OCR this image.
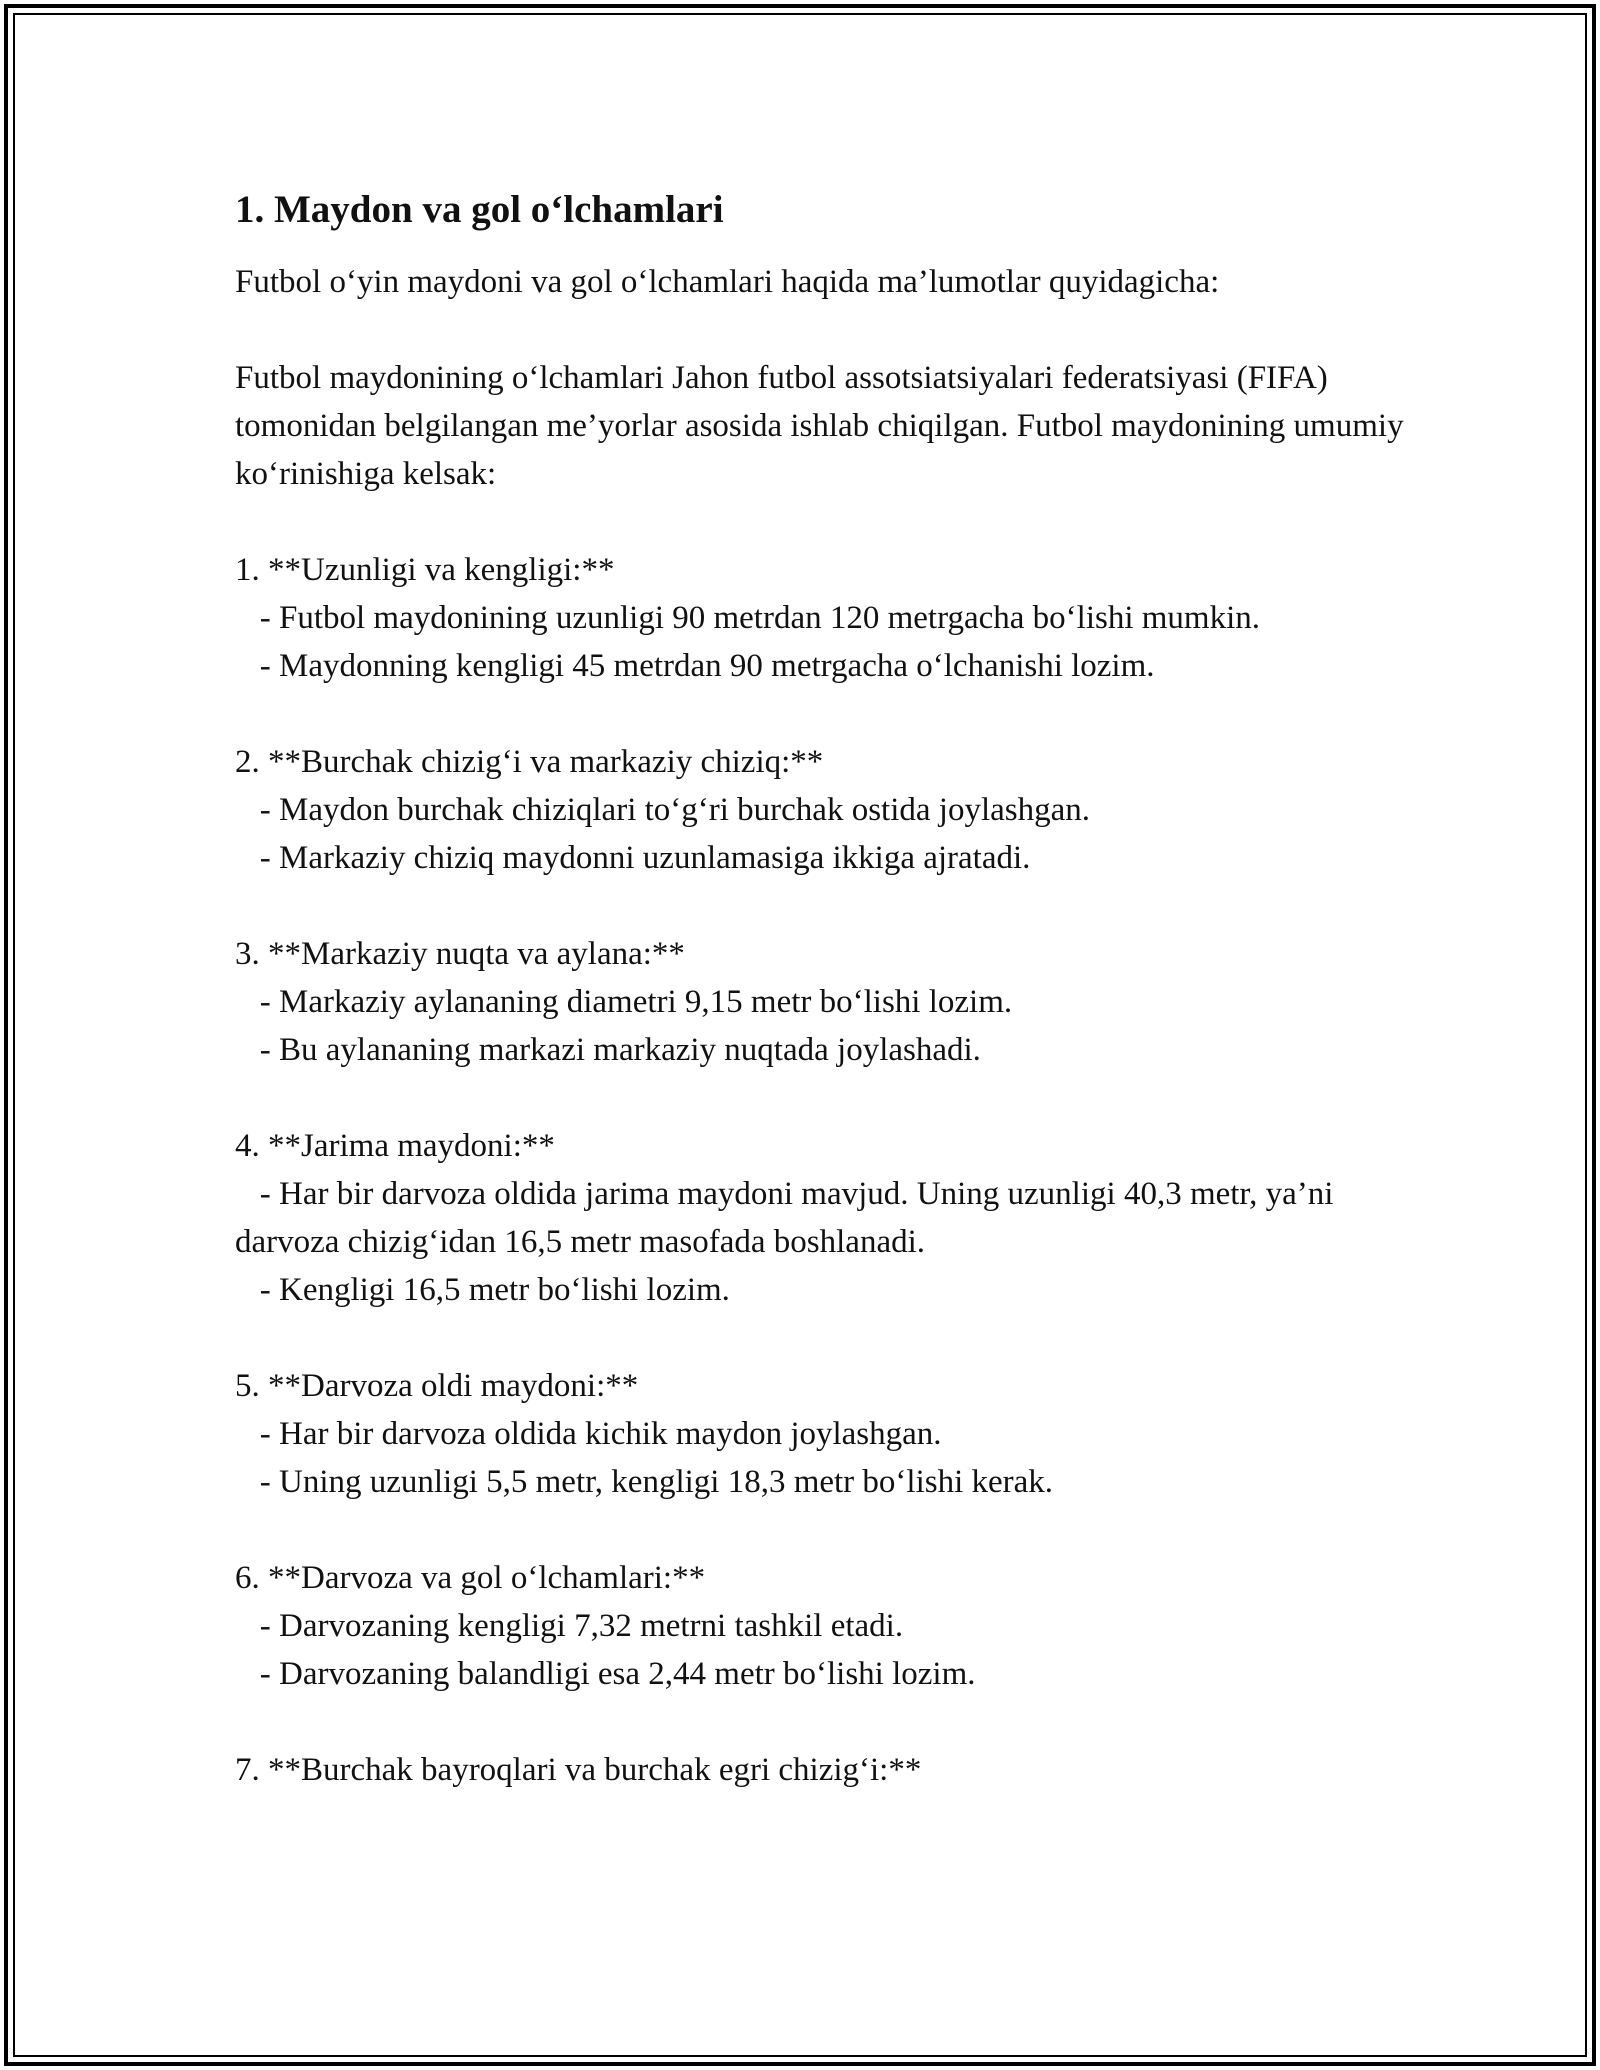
1. Maydon va gol o‘lchamlari

Futbol o‘yin maydoni va gol o‘lchamlari haqida ma’lumotlar quyidagicha:

Futbol maydonining o‘lchamlari Jahon futbol assotsiatsiyalari federatsiyasi (FIFA) tomonidan belgilangan me’yorlar asosida ishlab chiqilgan. Futbol maydonining umumiy ko‘rinishiga kelsak:

1. **Uzunligi va kengligi:**

- Futbol maydonining uzunligi 90 metrdan 120 metrgacha bo‘lishi mumkin.

- Maydonning kengligi 45 metrdan 90 metrgacha o‘lchanishi lozim.

2. **Burchak chizig‘i va markaziy chiziq:**

- Maydon burchak chiziqlari to‘g‘ri burchak ostida joylashgan.

- Markaziy chiziq maydonni uzunlamasiga ikkiga ajratadi.

3. **Markaziy nuqta va aylana:**

- Markaziy aylananing diametri 9,15 metr bo‘lishi lozim.

- Bu aylananing markazi markaziy nuqtada joylashadi.

4. **Jarima maydoni:**

- Har bir darvoza oldida jarima maydoni mavjud. Uning uzunligi 40,3 metr, ya’ni darvoza chizig‘idan 16,5 metr masofada boshlanadi.

- Kengligi 16,5 metr bo‘lishi lozim.

5. **Darvoza oldi maydoni:**

- Har bir darvoza oldida kichik maydon joylashgan.

- Uning uzunligi 5,5 metr, kengligi 18,3 metr bo‘lishi kerak.

6. **Darvoza va gol o‘lchamlari:**

- Darvozaning kengligi 7,32 metrni tashkil etadi.

- Darvozaning balandligi esa 2,44 metr bo‘lishi lozim.

7. **Burchak bayroqlari va burchak egri chizig‘i:**
